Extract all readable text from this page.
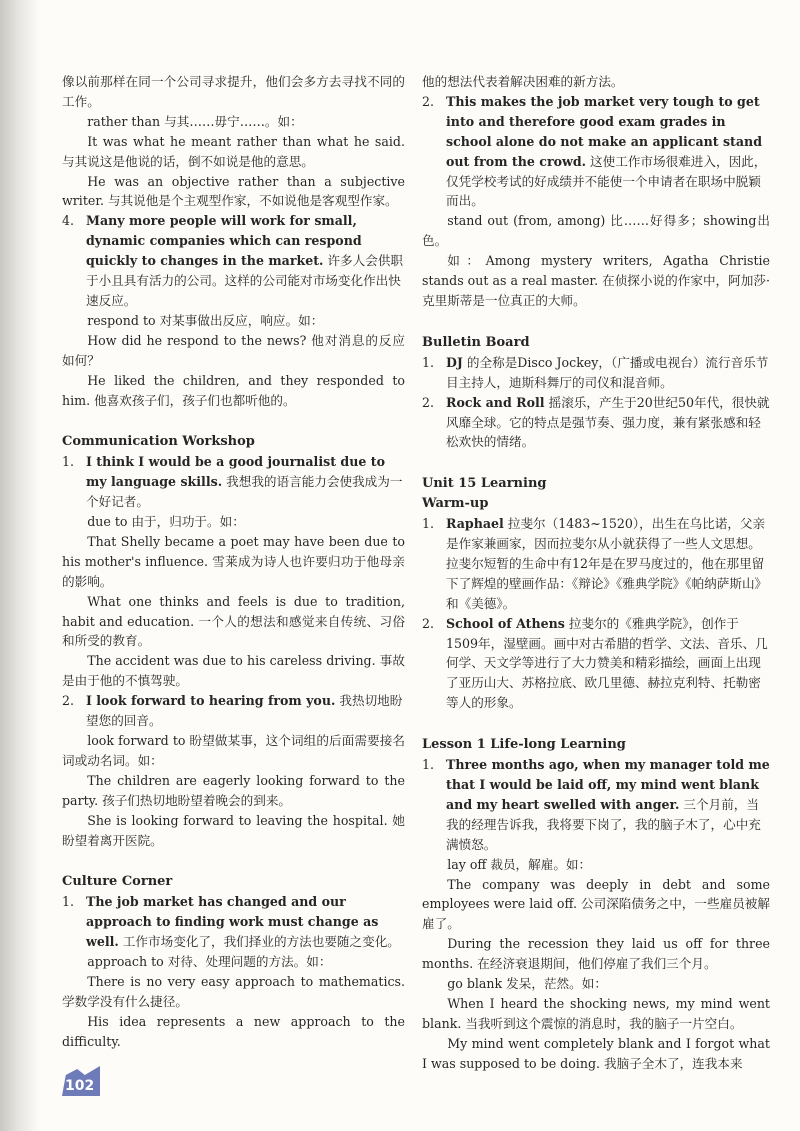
像以前那样在同一个公司寻求提升，他们会多方去寻找不同的工作。

rather than 与其……毋宁……。如：

It was what he meant rather than what he said. 与其说这是他说的话，倒不如说是他的意思。

He was an objective rather than a subjective writer. 与其说他是个主观型作家，不如说他是客观型作家。

4. Many more people will work for small, dynamic companies which can respond quickly to changes in the market. 许多人会供职于小且具有活力的公司。这样的公司能对市场变化作出快速反应。

respond to 对某事做出反应，响应。如：

How did he respond to the news? 他对消息的反应如何？

He liked the children, and they responded to him. 他喜欢孩子们，孩子们也都听他的。

Communication Workshop

1. I think I would be a good journalist due to my language skills. 我想我的语言能力会使我成为一个好记者。

due to 由于，归功于。如：

That Shelly became a poet may have been due to his mother's influence. 雪莱成为诗人也许要归功于他母亲的影响。

What one thinks and feels is due to tradition, habit and education. 一个人的想法和感觉来自传统、习俗和所受的教育。

The accident was due to his careless driving. 事故是由于他的不慎驾驶。

2. I look forward to hearing from you. 我热切地盼望您的回音。

look forward to 盼望做某事，这个词组的后面需要接名词或动名词。如：

The children are eagerly looking forward to the party. 孩子们热切地盼望着晚会的到来。

She is looking forward to leaving the hospital. 她盼望着离开医院。

Culture Corner

1. The job market has changed and our approach to finding work must change as well. 工作市场变化了，我们择业的方法也要随之变化。

approach to 对待、处理问题的方法。如：

There is no very easy approach to mathematics. 学数学没有什么捷径。

His idea represents a new approach to the difficulty.

他的想法代表着解决困难的新方法。

2. This makes the job market very tough to get into and therefore good exam grades in school alone do not make an applicant stand out from the crowd. 这使工作市场很难进入，因此，仅凭学校考试的好成绩并不能使一个申请者在职场中脱颖而出。

stand out (from, among) 比……好得多；showing出色。

如：Among mystery writers, Agatha Christie stands out as a real master. 在侦探小说的作家中，阿加莎·克里斯蒂是一位真正的大师。

Bulletin Board

1. DJ 的全称是Disco Jockey，（广播或电视台）流行音乐节目主持人，迪斯科舞厅的司仪和混音师。
2. Rock and Roll 摇滚乐，产生于20世纪50年代，很快就风靡全球。它的特点是强节奏、强力度，兼有紧张感和轻松欢快的情绪。

Unit 15 Learning

Warm-up

1. Raphael 拉斐尔（1483~1520），出生在乌比诺，父亲是作家兼画家，因而拉斐尔从小就获得了一些人文思想。拉斐尔短暂的生命中有12年是在罗马度过的，他在那里留下了辉煌的壁画作品：《辩论》《雅典学院》《帕纳萨斯山》和《美德》。
2. School of Athens 拉斐尔的《雅典学院》，创作于1509年，湿壁画。画中对古希腊的哲学、文法、音乐、几何学、天文学等进行了大力赞美和精彩描绘，画面上出现了亚历山大、苏格拉底、欧几里德、赫拉克利特、托勒密等人的形象。

Lesson 1 Life-long Learning

1. Three months ago, when my manager told me that I would be laid off, my mind went blank and my heart swelled with anger. 三个月前，当我的经理告诉我，我将要下岗了，我的脑子木了，心中充满愤怒。

lay off 裁员，解雇。如：

The company was deeply in debt and some employees were laid off. 公司深陷债务之中，一些雇员被解雇了。

During the recession they laid us off for three months. 在经济衰退期间，他们停雇了我们三个月。

go blank 发呆，茫然。如：

When I heard the shocking news, my mind went blank. 当我听到这个震惊的消息时，我的脑子一片空白。

My mind went completely blank and I forgot what I was supposed to be doing. 我脑子全木了，连我本来

102
